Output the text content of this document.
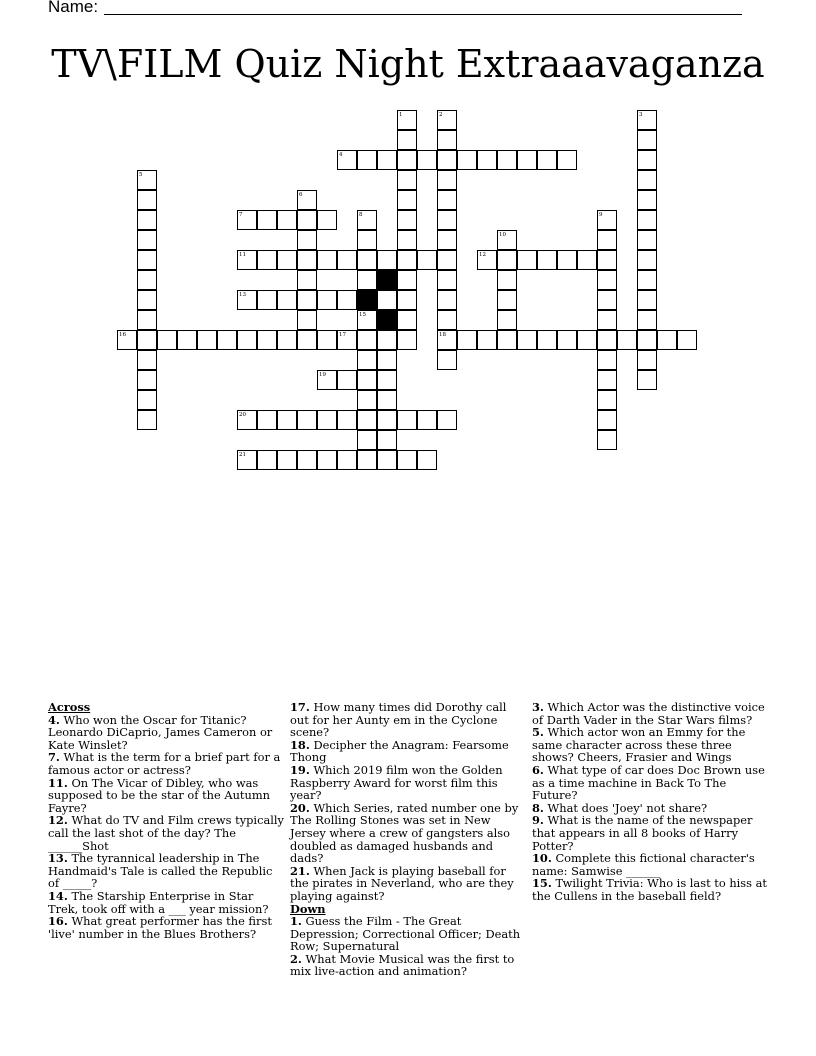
Name:
TV\FILM Quiz Night Extraaavaganza
1	2	3
4
5
6
7	8	9
10
11	12
13	14
15
16	17	18
19
20
21
Across
4. Who won the Oscar for Titanic? Leonardo DiCaprio, James Cameron or Kate Winslet?
7. What is the term for a brief part for a famous actor or actress?
11. On The Vicar of Dibley, who was supposed to be the star of the Autumn Fayre?
12. What do TV and Film crews typically call the last shot of the day? The ______Shot
13. The tyrannical leadership in The Handmaid's Tale is called the Republic of _____?
14. The Starship Enterprise in Star Trek, took off with a ___ year mission?
16. What great performer has the first 'live' number in the Blues Brothers?
17. How many times did Dorothy call out for her Aunty em in the Cyclone scene?
18. Decipher the Anagram: Fearsome Thong
19. Which 2019 film won the Golden Raspberry Award for worst film this year?
20. Which Series, rated number one by The Rolling Stones was set in New Jersey where a crew of gangsters also doubled as damaged husbands and dads?
21. When Jack is playing baseball for the pirates in Neverland, who are they playing against?
Down
1. Guess the Film - The Great Depression; Correctional Officer; Death Row; Supernatural
2. What Movie Musical was the first to mix live-action and animation?
3. Which Actor was the distinctive voice of Darth Vader in the Star Wars films?
5. Which actor won an Emmy for the same character across these three shows? Cheers, Frasier and Wings
6. What type of car does Doc Brown use as a time machine in Back To The Future?
8. What does 'Joey' not share?
9. What is the name of the newspaper that appears in all 8 books of Harry Potter?
10. Complete this fictional character's name: Samwise ______
15. Twilight Trivia: Who is last to hiss at the Cullens in the baseball field?
